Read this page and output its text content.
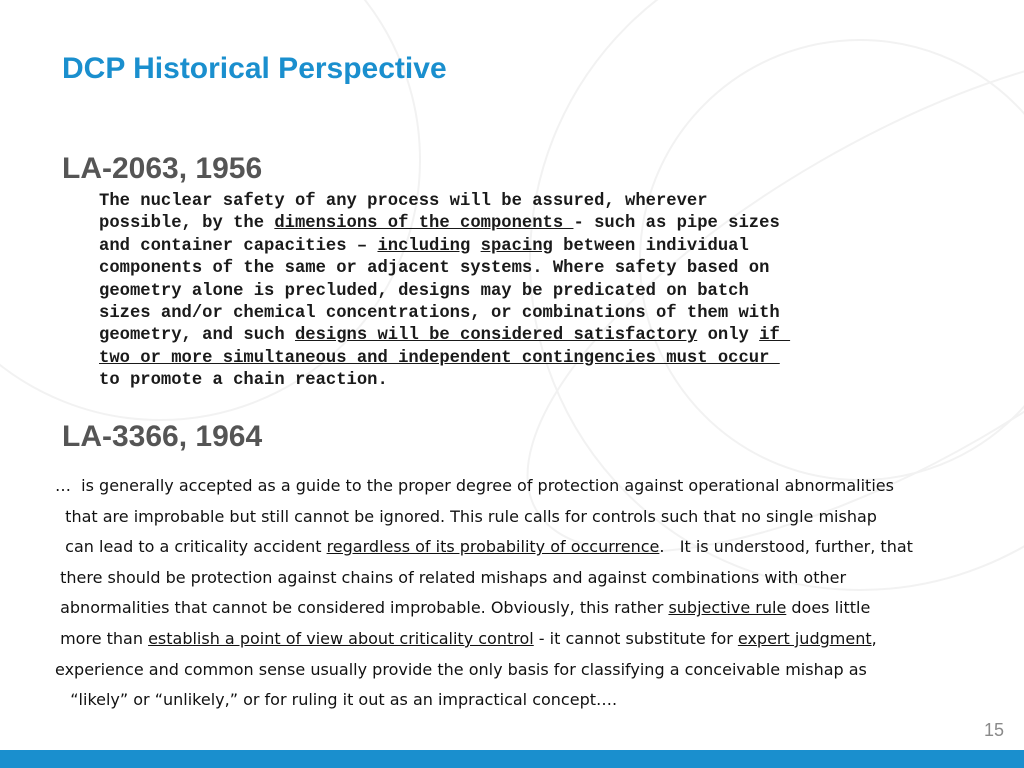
DCP Historical Perspective
LA-2063, 1956
The nuclear safety of any process will be assured, wherever
possible, by the dimensions of the components - such as pipe sizes
and container capacities – including spacing between individual
components of the same or adjacent systems. Where safety based on
geometry alone is precluded, designs may be predicated on batch
sizes and/or chemical concentrations, or combinations of them with
geometry, and such designs will be considered satisfactory only if
two or more simultaneous and independent contingencies must occur
to promote a chain reaction.
LA-3366, 1964
…  is generally accepted as a guide to the proper degree of protection against operational abnormalities
that are improbable but still cannot be ignored. This rule calls for controls such that no single mishap
can lead to a criticality accident regardless of its probability of occurrence.   It is understood, further, that
there should be protection against chains of related mishaps and against combinations with other
abnormalities that cannot be considered improbable. Obviously, this rather subjective rule does little
more than establish a point of view about criticality control - it cannot substitute for expert judgment,
experience and common sense usually provide the only basis for classifying a conceivable mishap as
“likely” or “unlikely,” or for ruling it out as an impractical concept….
15
